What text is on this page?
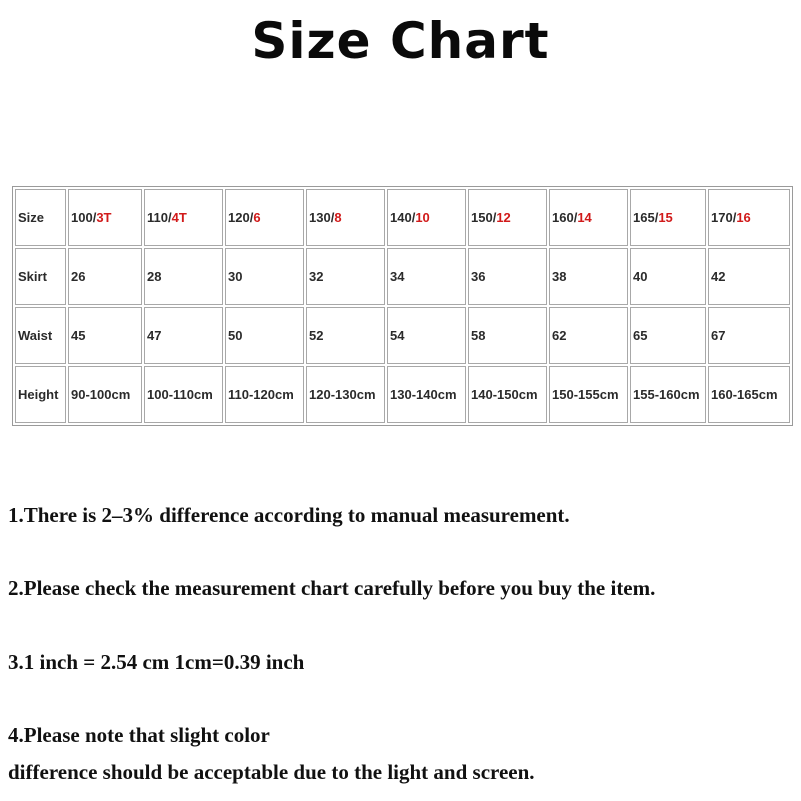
Size Chart
Size	100/3T	110/4T	120/6	130/8	140/10	150/12	160/14	165/15	170/16
Skirt	26	28	30	32	34	36	38	40	42
Waist	45	47	50	52	54	58	62	65	67
Height	90-100cm	100-110cm	110-120cm	120-130cm	130-140cm	140-150cm	150-155cm	155-160cm	160-165cm
1.There is 2–3% difference according to manual measurement.
2.Please check the measurement chart carefully before you buy the item.
3.1 inch = 2.54 cm 1cm=0.39 inch
4.Please note that slight color
difference should be acceptable due to the light and screen.
